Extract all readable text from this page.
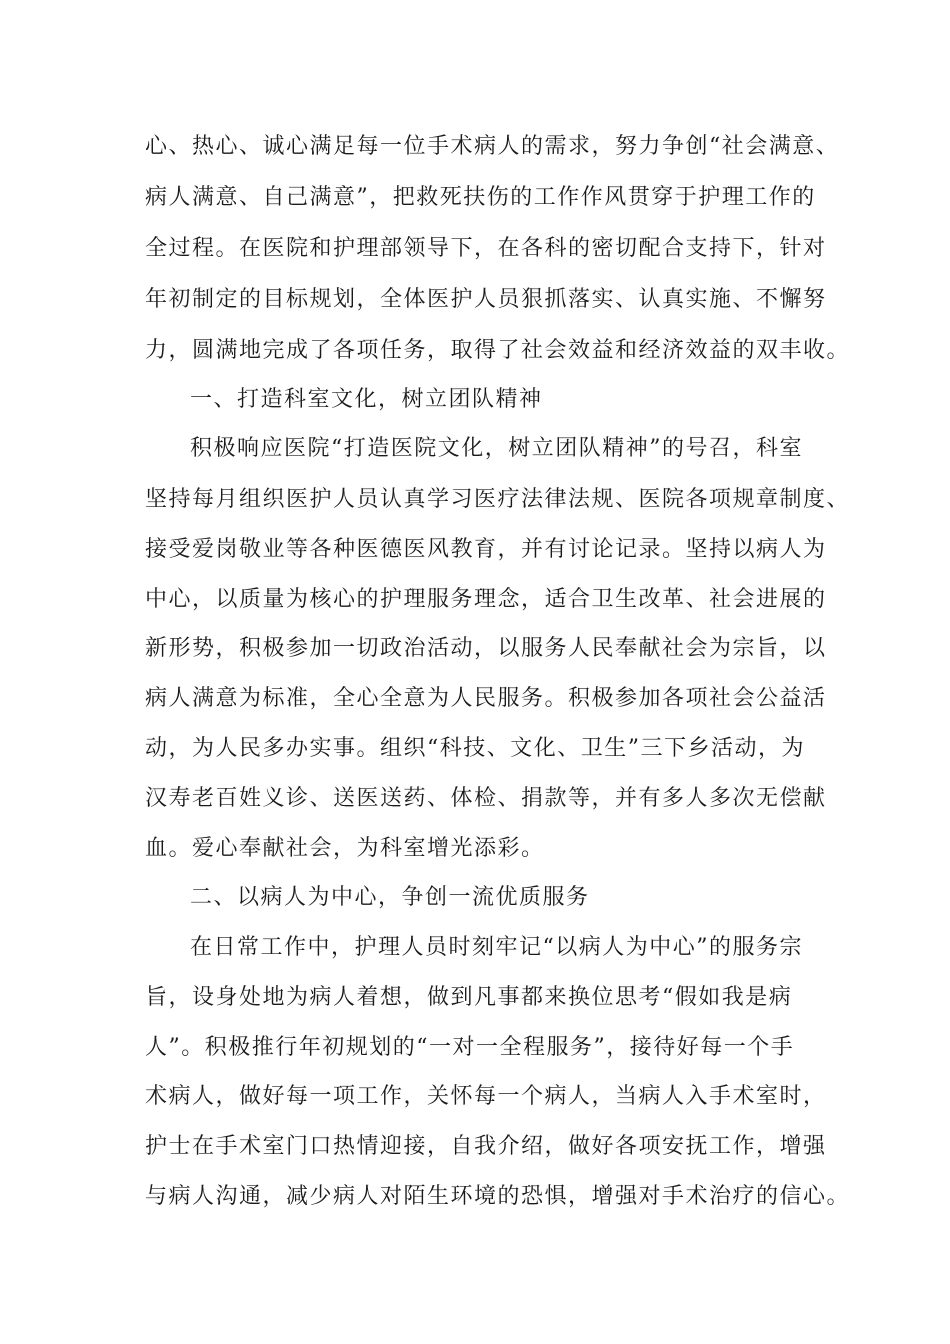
心、热心、诚心满足每一位手术病人的需求，努力争创“社会满意、
病人满意、自己满意”，把救死扶伤的工作作风贯穿于护理工作的
全过程。在医院和护理部领导下，在各科的密切配合支持下，针对
年初制定的目标规划，全体医护人员狠抓落实、认真实施、不懈努
力，圆满地完成了各项任务，取得了社会效益和经济效益的双丰收。
一、打造科室文化，树立团队精神
积极响应医院“打造医院文化，树立团队精神”的号召，科室
坚持每月组织医护人员认真学习医疗法律法规、医院各项规章制度、
接受爱岗敬业等各种医德医风教育，并有讨论记录。坚持以病人为
中心，以质量为核心的护理服务理念，适合卫生改革、社会进展的
新形势，积极参加一切政治活动，以服务人民奉献社会为宗旨，以
病人满意为标准，全心全意为人民服务。积极参加各项社会公益活
动，为人民多办实事。组织“科技、文化、卫生”三下乡活动，为
汉寿老百姓义诊、送医送药、体检、捐款等，并有多人多次无偿献
血。爱心奉献社会，为科室增光添彩。
二、以病人为中心，争创一流优质服务
在日常工作中，护理人员时刻牢记“以病人为中心”的服务宗
旨，设身处地为病人着想，做到凡事都来换位思考“假如我是病
人”。积极推行年初规划的“一对一全程服务”，接待好每一个手
术病人，做好每一项工作，关怀每一个病人，当病人入手术室时，
护士在手术室门口热情迎接，自我介绍，做好各项安抚工作，增强
与病人沟通，减少病人对陌生环境的恐惧，增强对手术治疗的信心。
